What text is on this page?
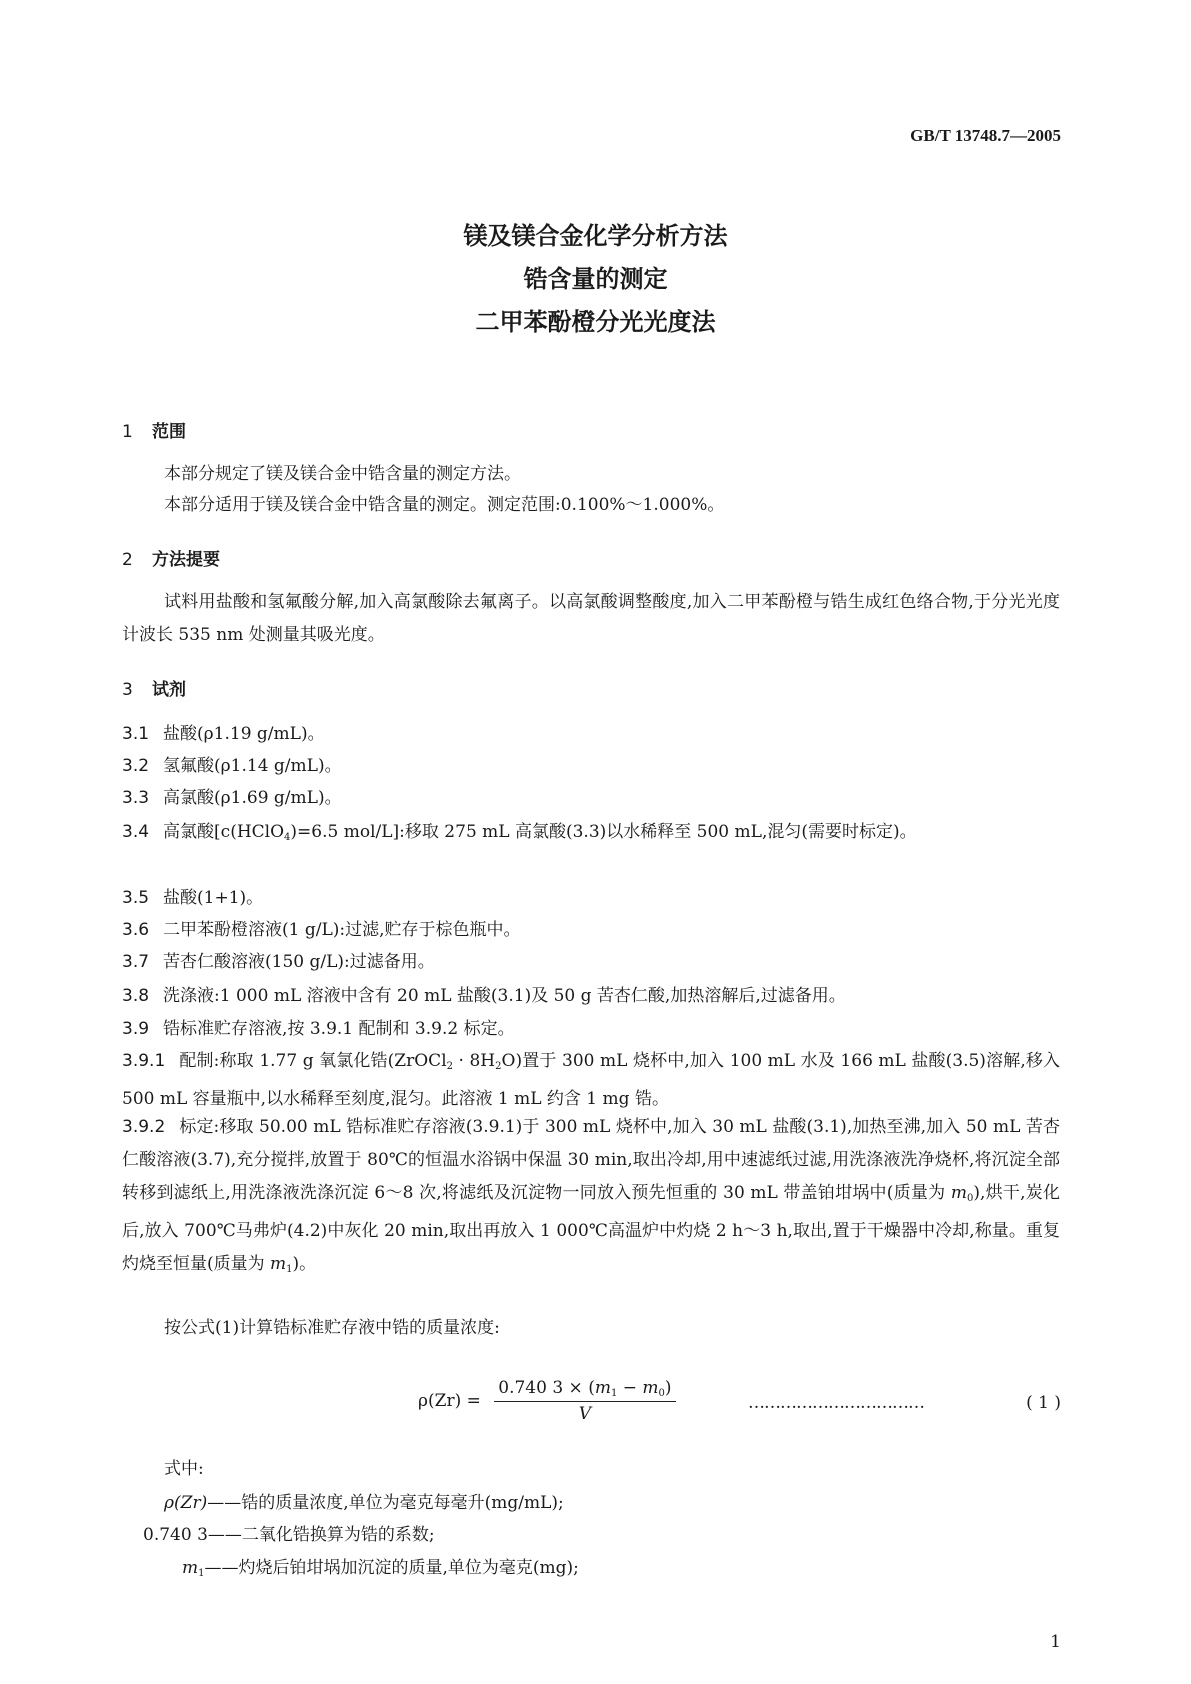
GB/T 13748.7—2005
镁及镁合金化学分析方法
锆含量的测定
二甲苯酚橙分光光度法
1 范围
本部分规定了镁及镁合金中锆含量的测定方法。
本部分适用于镁及镁合金中锆含量的测定。测定范围:0.100%～1.000%。
2 方法提要
试料用盐酸和氢氟酸分解,加入高氯酸除去氟离子。以高氯酸调整酸度,加入二甲苯酚橙与锆生成红色络合物,于分光光度计波长 535 nm 处测量其吸光度。
3 试剂
3.1 盐酸(ρ1.19 g/mL)。
3.2 氢氟酸(ρ1.14 g/mL)。
3.3 高氯酸(ρ1.69 g/mL)。
3.4 高氯酸[c(HClO$_4$)=6.5 mol/L]:移取 275 mL 高氯酸(3.3)以水稀释至 500 mL,混匀(需要时标定)。
3.5 盐酸(1+1)。
3.6 二甲苯酚橙溶液(1 g/L):过滤,贮存于棕色瓶中。
3.7 苦杏仁酸溶液(150 g/L):过滤备用。
3.8 洗涤液:1 000 mL 溶液中含有 20 mL 盐酸(3.1)及 50 g 苦杏仁酸,加热溶解后,过滤备用。
3.9 锆标准贮存溶液,按 3.9.1 配制和 3.9.2 标定。
3.9.1 配制:称取 1.77 g 氧氯化锆(ZrOCl$_2$ · $8H_2O$)置于 300 mL 烧杯中,加入 100 mL 水及 166 mL 盐酸(3.5)溶解,移入 500 mL 容量瓶中,以水稀释至刻度,混匀。此溶液 1 mL 约含 1 mg 锆。
3.9.2 标定:移取 50.00 mL 锆标准贮存溶液(3.9.1)于 300 mL 烧杯中,加入 30 mL 盐酸(3.1),加热至沸,加入 50 mL 苦杏仁酸溶液(3.7),充分搅拌,放置于 80℃的恒温水浴锅中保温 30 min,取出冷却,用中速滤纸过滤,用洗涤液洗净烧杯,将沉淀全部转移到滤纸上,用洗涤液洗涤沉淀 6～8 次,将滤纸及沉淀物一同放入预先恒重的 30 mL 带盖铂坩埚中(质量为 $m_0$),烘干,炭化后,放入 700℃马弗炉(4.2)中灰化 20 min,取出再放入 1 000℃高温炉中灼烧 2 h～3 h,取出,置于干燥器中冷却,称量。重复灼烧至恒量(质量为 $m_1$)。
按公式(1)计算锆标准贮存液中锆的质量浓度:
$\rho(Zr) = \frac{0.740 3 \times (m_1 - m_0)}{V}$	……………………………	( 1 )
式中:
ρ(Zr)——锆的质量浓度,单位为毫克每毫升(mg/mL);
0.740 3——二氧化锆换算为锆的系数;
$m_1——$灼烧后铂坩埚加沉淀的质量,单位为毫克(mg);
1
